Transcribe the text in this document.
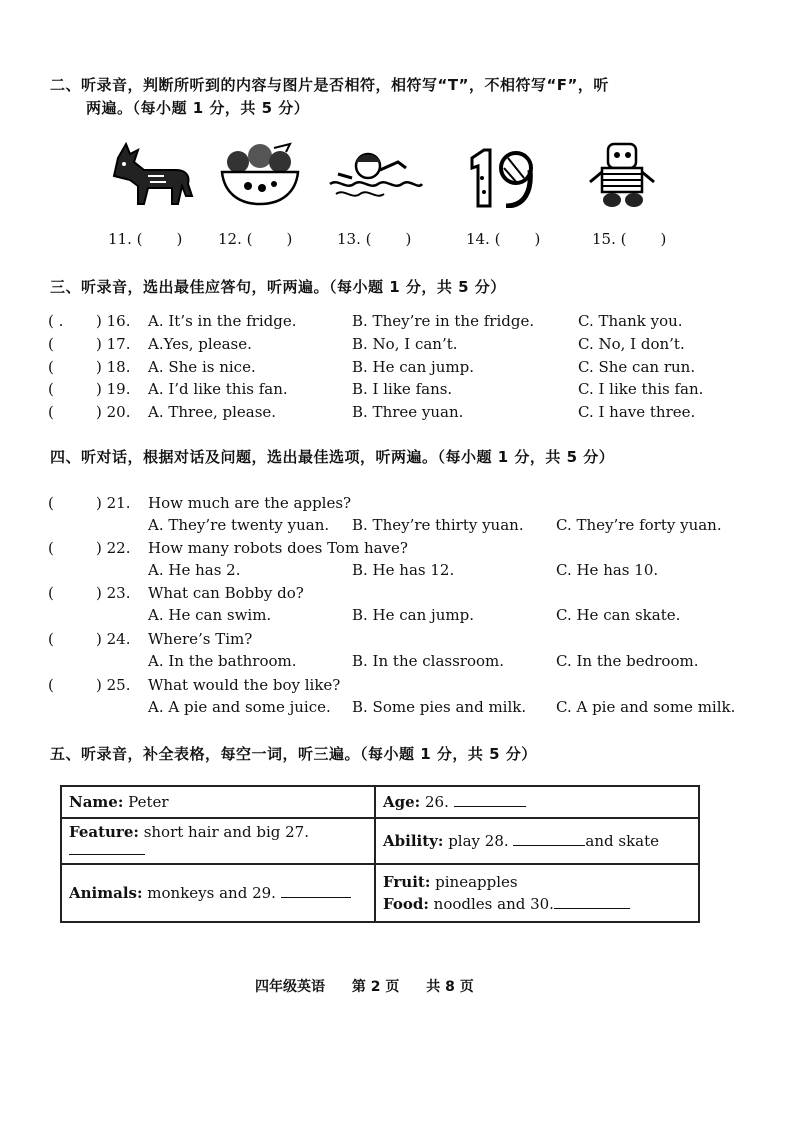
二、听录音，判断所听到的内容与图片是否相符，相符写“T”，不相符写“F”，听
两遍。（每小题 1 分，共 5 分）
11. ( ) 12. ( )	13. ( )	14. ( )	15. ( )
三、听录音，选出最佳应答句，听两遍。（每小题 1 分，共 5 分）
( . ) 16. A. It’s in the fridge.	B. They’re in the fridge.	C. Thank you.
(	) 17. A.Yes, please.	B. No, I can’t.	C. No, I don’t.
(	) 18. A. She is nice.	B. He can jump.	C. She can run.
(	) 19. A. I’d like this fan.	B. I like fans.	C. I like this fan.
(	) 20. A. Three, please.	B. Three yuan.	C. I have three.
四、听对话，根据对话及问题，选出最佳选项，听两遍。（每小题 1 分，共 5 分）
(	) 21. How much are the apples?
A. They’re twenty yuan. B. They’re thirty yuan. C. They’re forty yuan.
(	) 22. How many robots does Tom have?
A. He has 2.	B. He has 12.	C. He has 10.
(	) 23. What can Bobby do?
A. He can swim.	B. He can jump.	C. He can skate.
(	) 24. Where’s Tim?
A. In the bathroom.	B. In the classroom.	C. In the bedroom.
(	) 25. What would the boy like?
A. A pie and some juice. B. Some pies and milk. C. A pie and some milk.
五、听录音，补全表格，每空一词，听三遍。（每小题 1 分，共 5 分）
Name: Peter	Age: 26.
Feature: short hair and big 27.	Ability: play 28. and skate
Animals: monkeys and 29.	Fruit: pineapples
Food: noodles and 30.
四年级英语 第 2 页 共 8 页
